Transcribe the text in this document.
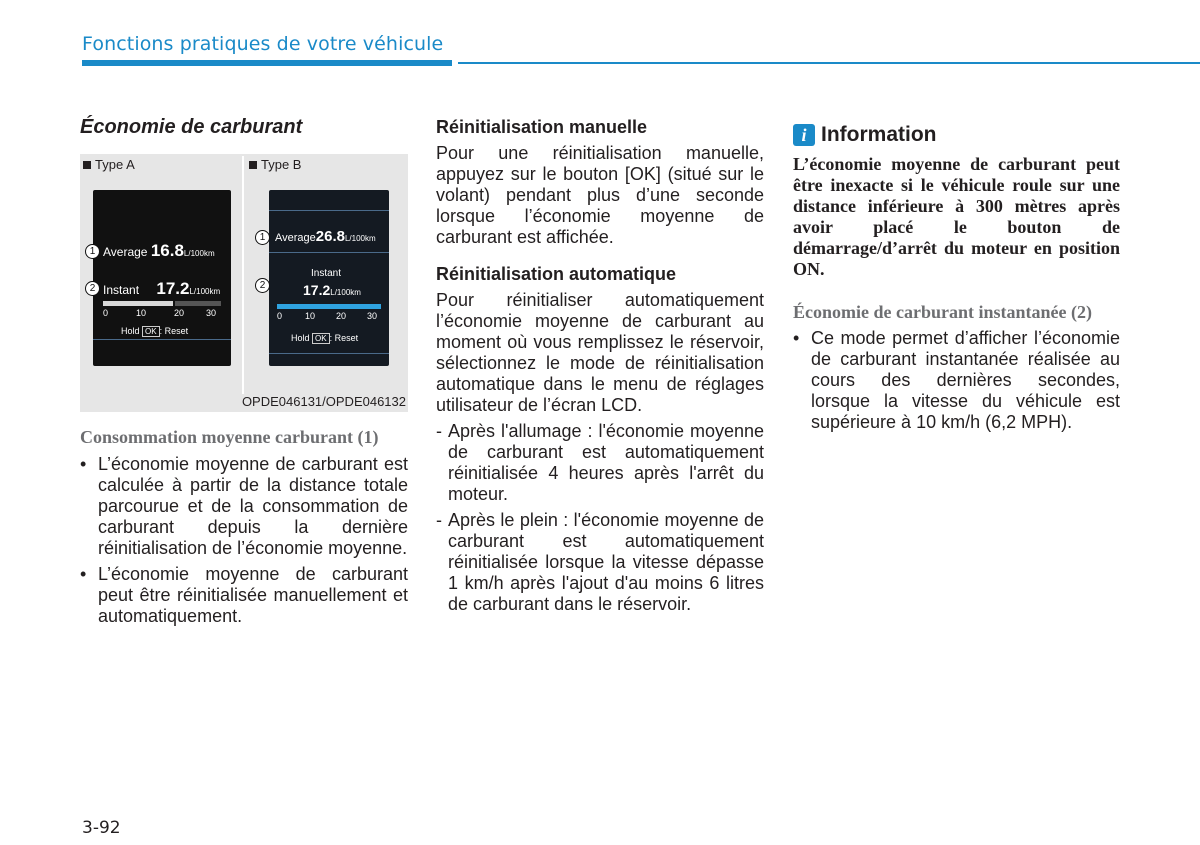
Fonctions pratiques de votre véhicule
Économie de carburant
Type A	Type B
Average 16.8L/100km
Instant 17.2L/100km
0	10	20 30
Hold OK : Reset
1
2
Average26.8L/100km
Instant
17.2L/100km
0	10 20 30
Hold OK : Reset
1
2
OPDE046131/OPDE046132
Consommation moyenne carburant (1)
• L’économie moyenne de carburant est calculée à partir de la distance totale parcourue et de la consommation de carburant depuis la dernière réinitialisation de l’économie moyenne.
• L’économie moyenne de carburant peut être réinitialisée manuellement et automatiquement.
Réinitialisation manuelle
Pour une réinitialisation manuelle, appuyez sur le bouton [OK] (situé sur le volant) pendant plus d’une seconde lorsque l’économie moyenne de carburant est affichée.
Réinitialisation automatique
Pour réinitialiser automatiquement l’économie moyenne de carburant au moment où vous remplissez le réservoir, sélectionnez le mode de réinitialisation automatique dans le menu de réglages utilisateur de l’écran LCD.
- Après l'allumage : l'économie moyenne de carburant est automatiquement réinitialisée 4 heures après l'arrêt du moteur.
- Après le plein : l'économie moyenne de carburant est automatiquement réinitialisée lorsque la vitesse dépasse 1 km/h après l'ajout d'au moins 6 litres de carburant dans le réservoir.
i Information
L’économie moyenne de carburant peut être inexacte si le véhicule roule sur une distance inférieure à 300 mètres après avoir placé le bouton de démarrage/d’arrêt du moteur en position ON.
Économie de carburant instantanée (2)
• Ce mode permet d’afficher l’économie de carburant instantanée réalisée au cours des dernières secondes, lorsque la vitesse du véhicule est supérieure à 10 km/h (6,2 MPH).
3-92
